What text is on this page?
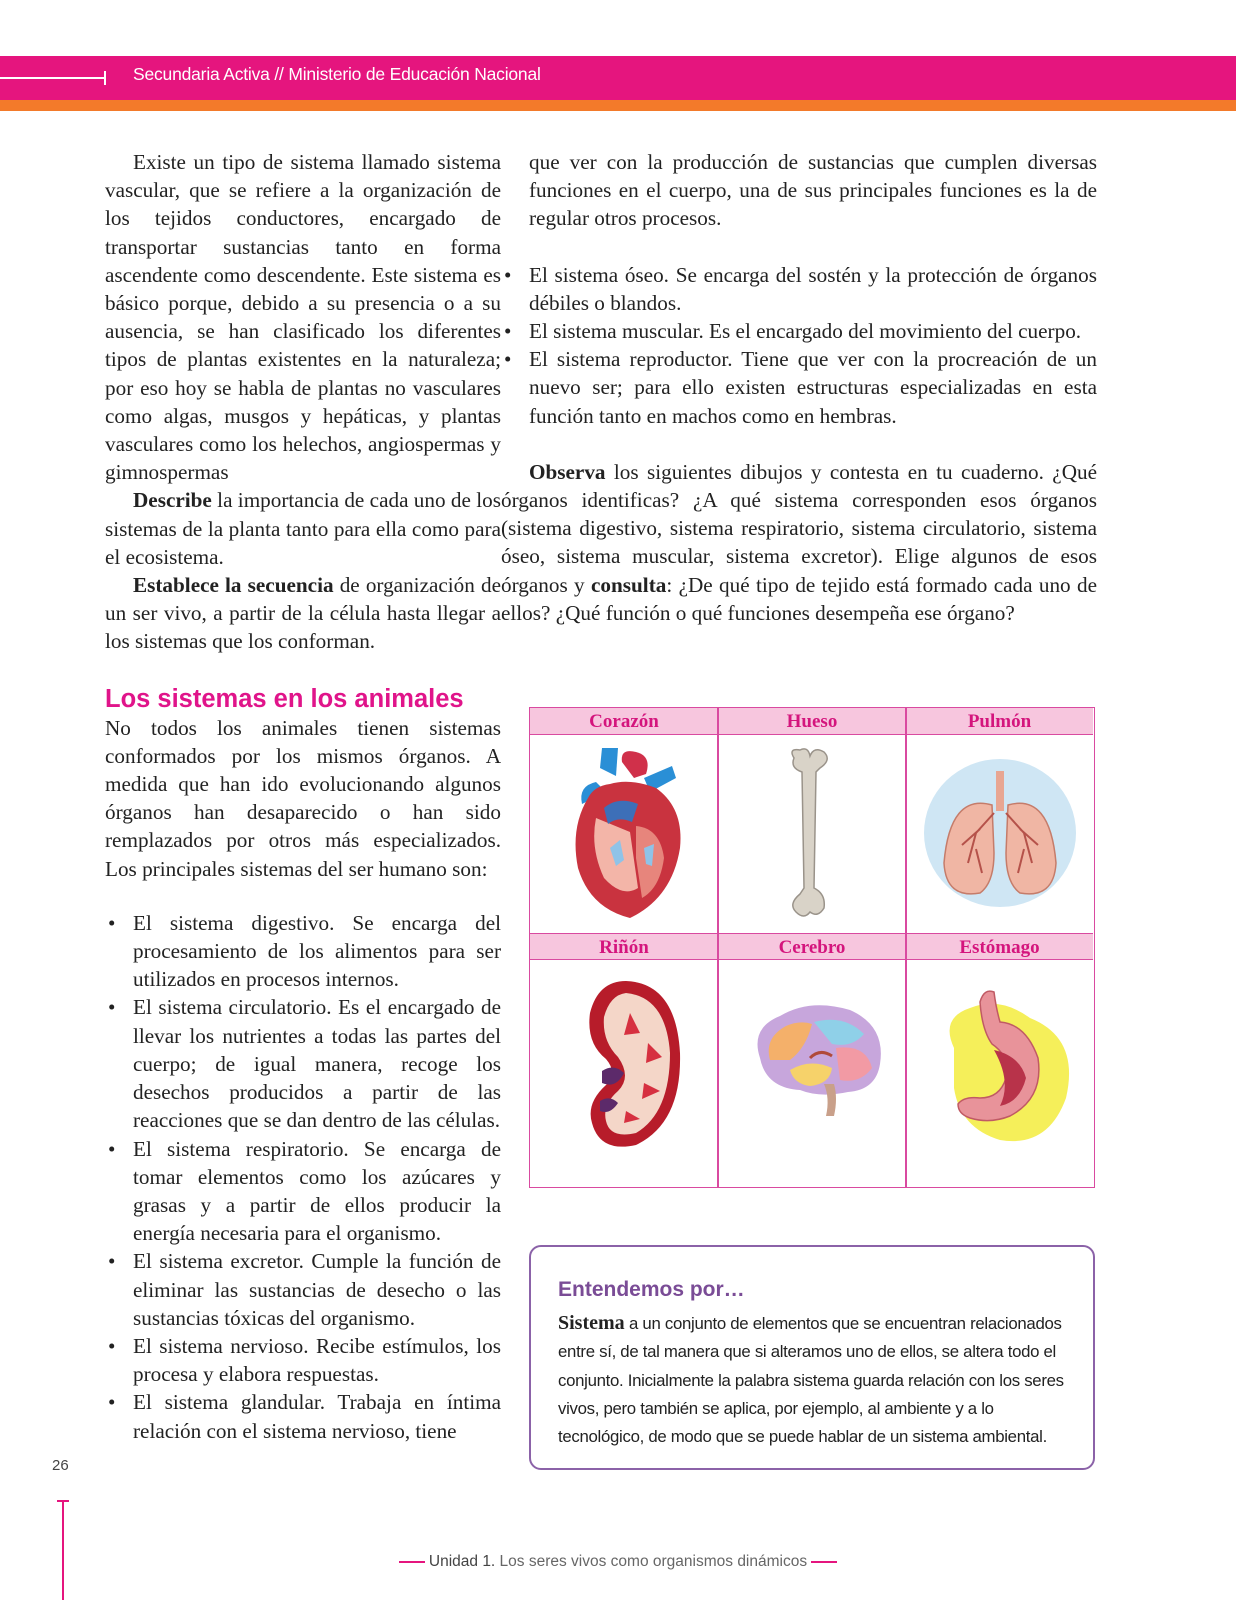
Secundaria Activa // Ministerio de Educación Nacional

Existe un tipo de sistema llamado sistema vascular, que se refiere a la organización de los tejidos conductores, encargado de transportar sustancias tanto en forma ascendente como descendente. Este sistema es básico porque, debido a su presencia o a su ausencia, se han clasificado los diferentes tipos de plantas existentes en la naturaleza; por eso hoy se habla de plantas no vasculares como algas, musgos y hepáticas, y plantas vasculares como los helechos, angiospermas y gimnospermas

Describe la importancia de cada uno de los sistemas de la planta tanto para ella como para el ecosistema.

Establece la secuencia de organización de un ser vivo, a partir de la célula hasta llegar a los sistemas que los conforman.

Los sistemas en los animales

No todos los animales tienen sistemas conformados por los mismos órganos. A medida que han ido evolucionando algunos órganos han desaparecido o han sido remplazados por otros más especializados. Los principales sistemas del ser humano son:

• El sistema digestivo. Se encarga del procesamiento de los alimentos para ser utilizados en procesos internos.
• El sistema circulatorio. Es el encargado de llevar los nutrientes a todas las partes del cuerpo; de igual manera, recoge los desechos producidos a partir de las reacciones que se dan dentro de las células.
• El sistema respiratorio. Se encarga de tomar elementos como los azúcares y grasas y a partir de ellos producir la energía necesaria para el organismo.
• El sistema excretor. Cumple la función de eliminar las sustancias de desecho o las sustancias tóxicas del organismo.
• El sistema nervioso. Recibe estímulos, los procesa y elabora respuestas.
• El sistema glandular. Trabaja en íntima relación con el sistema nervioso, tiene

que ver con la producción de sustancias que cumplen diversas funciones en el cuerpo, una de sus principales funciones es la de regular otros procesos.

• El sistema óseo. Se encarga del sostén y la protección de órganos débiles o blandos.
• El sistema muscular. Es el encargado del movimiento del cuerpo.
• El sistema reproductor. Tiene que ver con la procreación de un nuevo ser; para ello existen estructuras especializadas en esta función tanto en machos como en hembras.

Observa los siguientes dibujos y contesta en tu cuaderno. ¿Qué órganos identificas? ¿A qué sistema corresponden esos órganos (sistema digestivo, sistema respiratorio, sistema circulatorio, sistema óseo, sistema muscular, sistema excretor). Elige algunos de esos órganos y consulta: ¿De qué tipo de tejido está formado cada uno de ellos? ¿Qué función o qué funciones desempeña ese órgano?

Corazón	Hueso	Pulmón
Riñón	Cerebro	Estómago
Entendemos por…
Sistema a un conjunto de elementos que se encuentran relacionados entre sí, de tal manera que si alteramos uno de ellos, se altera todo el conjunto. Inicialmente la palabra sistema guarda relación con los seres vivos, pero también se aplica, por ejemplo, al ambiente y a lo tecnológico, de modo que se puede hablar de un sistema ambiental.
26
Unidad 1. Los seres vivos como organismos dinámicos
